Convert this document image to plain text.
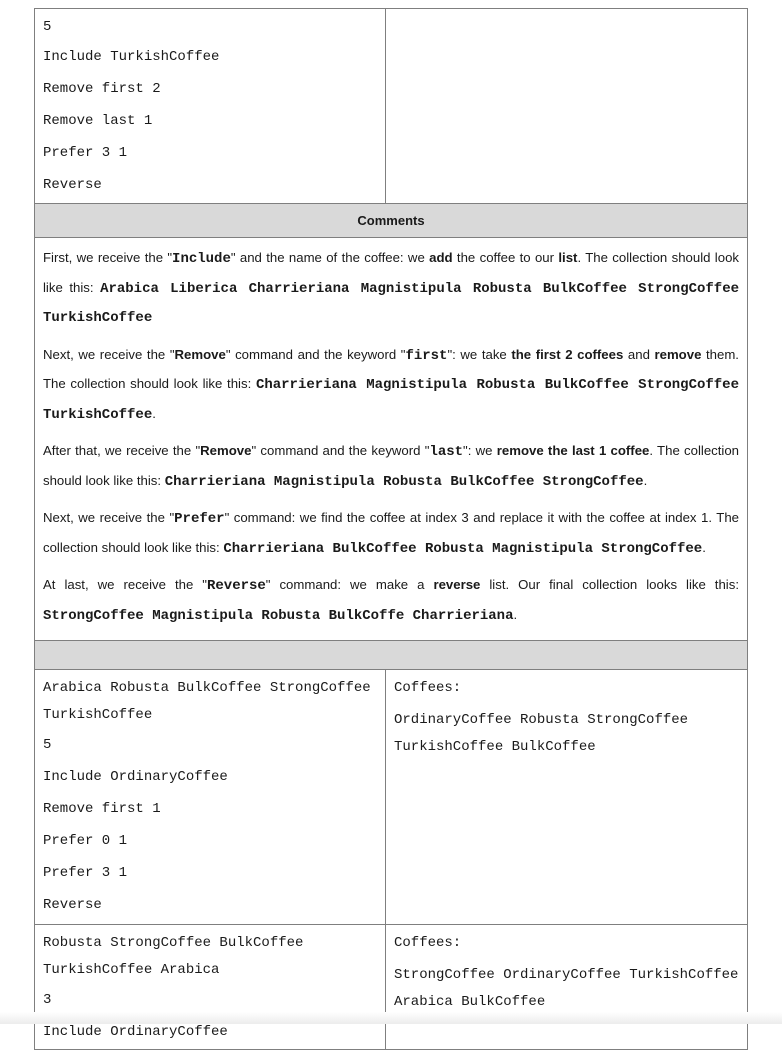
5
Include TurkishCoffee
Remove first 2
Remove last 1
Prefer 3 1
Reverse
Comments

First, we receive the "Include" and the name of the coffee: we add the coffee to our list. The collection should look like this: Arabica Liberica Charrieriana Magnistipula Robusta BulkCoffee StrongCoffee TurkishCoffee

Next, we receive the "Remove" command and the keyword "first": we take the first 2 coffees and remove them. The collection should look like this: Charrieriana Magnistipula Robusta BulkCoffee StrongCoffee TurkishCoffee.

After that, we receive the "Remove" command and the keyword "last": we remove the last 1 coffee. The collection should look like this: Charrieriana Magnistipula Robusta BulkCoffee StrongCoffee.

Next, we receive the "Prefer" command: we find the coffee at index 3 and replace it with the coffee at index 1. The collection should look like this: Charrieriana BulkCoffee Robusta Magnistipula StrongCoffee.

At last, we receive the "Reverse" command: we make a reverse list. Our final collection looks like this: StrongCoffee Magnistipula Robusta BulkCoffe Charrieriana.

Arabica Robusta BulkCoffee StrongCoffee
TurkishCoffee
5
Include OrdinaryCoffee
Remove first 1
Prefer 0 1
Prefer 3 1
Reverse
Coffees:
OrdinaryCoffee Robusta StrongCoffee
TurkishCoffee BulkCoffee
Robusta StrongCoffee BulkCoffee
TurkishCoffee Arabica
3
Include OrdinaryCoffee
Coffees:
StrongCoffee OrdinaryCoffee TurkishCoffee
Arabica BulkCoffee
